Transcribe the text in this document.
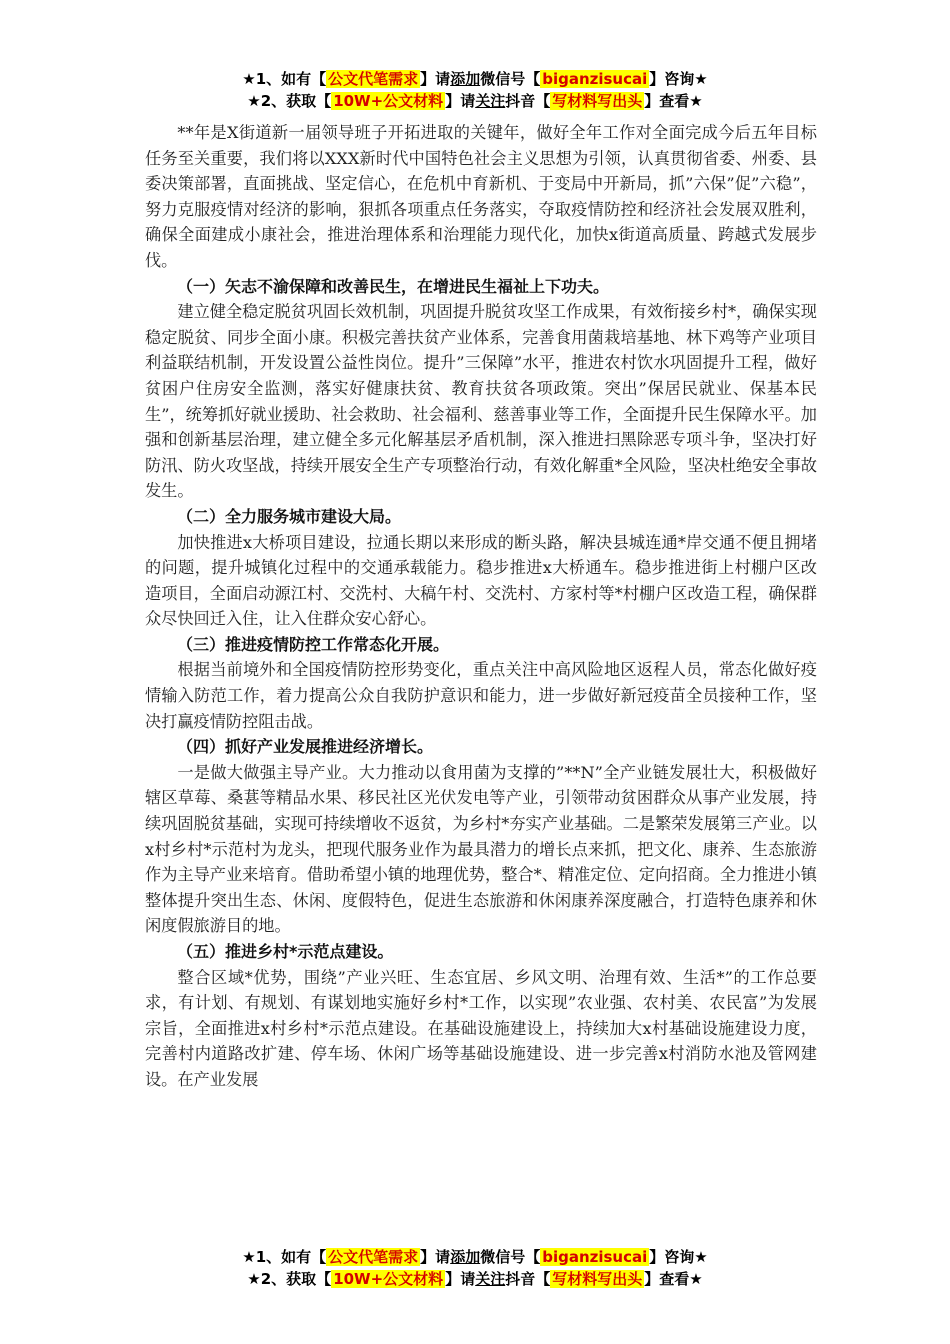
★1、如有【 公文代笔需求 】请添加微信号【 biganzisucai 】咨询★
★2、获取【 10W+公文材料 】请关注抖音【 写材料写出头 】查看★

**年是X街道新一届领导班子开拓进取的关键年，做好全年工作对全面完成今后五年目标任务至关重要，我们将以XXX新时代中国特色社会主义思想为引领，认真贯彻省委、州委、县委决策部署，直面挑战、坚定信心，在危机中育新机、于变局中开新局，抓”六保”促”六稳”，努力克服疫情对经济的影响，狠抓各项重点任务落实，夺取疫情防控和经济社会发展双胜利，确保全面建成小康社会，推进治理体系和治理能力现代化，加快x街道高质量、跨越式发展步伐。

（一）矢志不渝保障和改善民生，在增进民生福祉上下功夫。

建立健全稳定脱贫巩固长效机制，巩固提升脱贫攻坚工作成果，有效衔接乡村*，确保实现稳定脱贫、同步全面小康。积极完善扶贫产业体系，完善食用菌栽培基地、林下鸡等产业项目利益联结机制，开发设置公益性岗位。提升”三保障”水平，推进农村饮水巩固提升工程，做好贫困户住房安全监测，落实好健康扶贫、教育扶贫各项政策。突出”保居民就业、保基本民生”，统筹抓好就业援助、社会救助、社会福利、慈善事业等工作，全面提升民生保障水平。加强和创新基层治理，建立健全多元化解基层矛盾机制，深入推进扫黑除恶专项斗争，坚决打好防汛、防火攻坚战，持续开展安全生产专项整治行动，有效化解重*全风险，坚决杜绝安全事故发生。

（二）全力服务城市建设大局。

加快推进x大桥项目建设，拉通长期以来形成的断头路，解决县城连通*岸交通不便且拥堵的问题，提升城镇化过程中的交通承载能力。稳步推进x大桥通车。稳步推进街上村棚户区改造项目，全面启动源江村、交洗村、大稿午村、交洗村、方家村等*村棚户区改造工程，确保群众尽快回迁入住，让入住群众安心舒心。

（三）推进疫情防控工作常态化开展。

根据当前境外和全国疫情防控形势变化，重点关注中高风险地区返程人员，常态化做好疫情输入防范工作，着力提高公众自我防护意识和能力，进一步做好新冠疫苗全员接种工作，坚决打赢疫情防控阻击战。

（四）抓好产业发展推进经济增长。

一是做大做强主导产业。大力推动以食用菌为支撑的”**N”全产业链发展壮大，积极做好辖区草莓、桑葚等精品水果、移民社区光伏发电等产业，引领带动贫困群众从事产业发展，持续巩固脱贫基础，实现可持续增收不返贫，为乡村*夯实产业基础。二是繁荣发展第三产业。以x村乡村*示范村为龙头，把现代服务业作为最具潜力的增长点来抓，把文化、康养、生态旅游作为主导产业来培育。借助希望小镇的地理优势，整合*、精准定位、定向招商。全力推进小镇整体提升突出生态、休闲、度假特色，促进生态旅游和休闲康养深度融合，打造特色康养和休闲度假旅游目的地。

（五）推进乡村*示范点建设。

整合区域*优势，围绕”产业兴旺、生态宜居、乡风文明、治理有效、生活*”的工作总要求，有计划、有规划、有谋划地实施好乡村*工作，以实现”农业强、农村美、农民富”为发展宗旨，全面推进x村乡村*示范点建设。在基础设施建设上，持续加大x村基础设施建设力度，完善村内道路改扩建、停车场、休闲广场等基础设施建设、进一步完善x村消防水池及管网建设。在产业发展

★1、如有【 公文代笔需求 】请添加微信号【 biganzisucai 】咨询★
★2、获取【 10W+公文材料 】请关注抖音【 写材料写出头 】查看★
